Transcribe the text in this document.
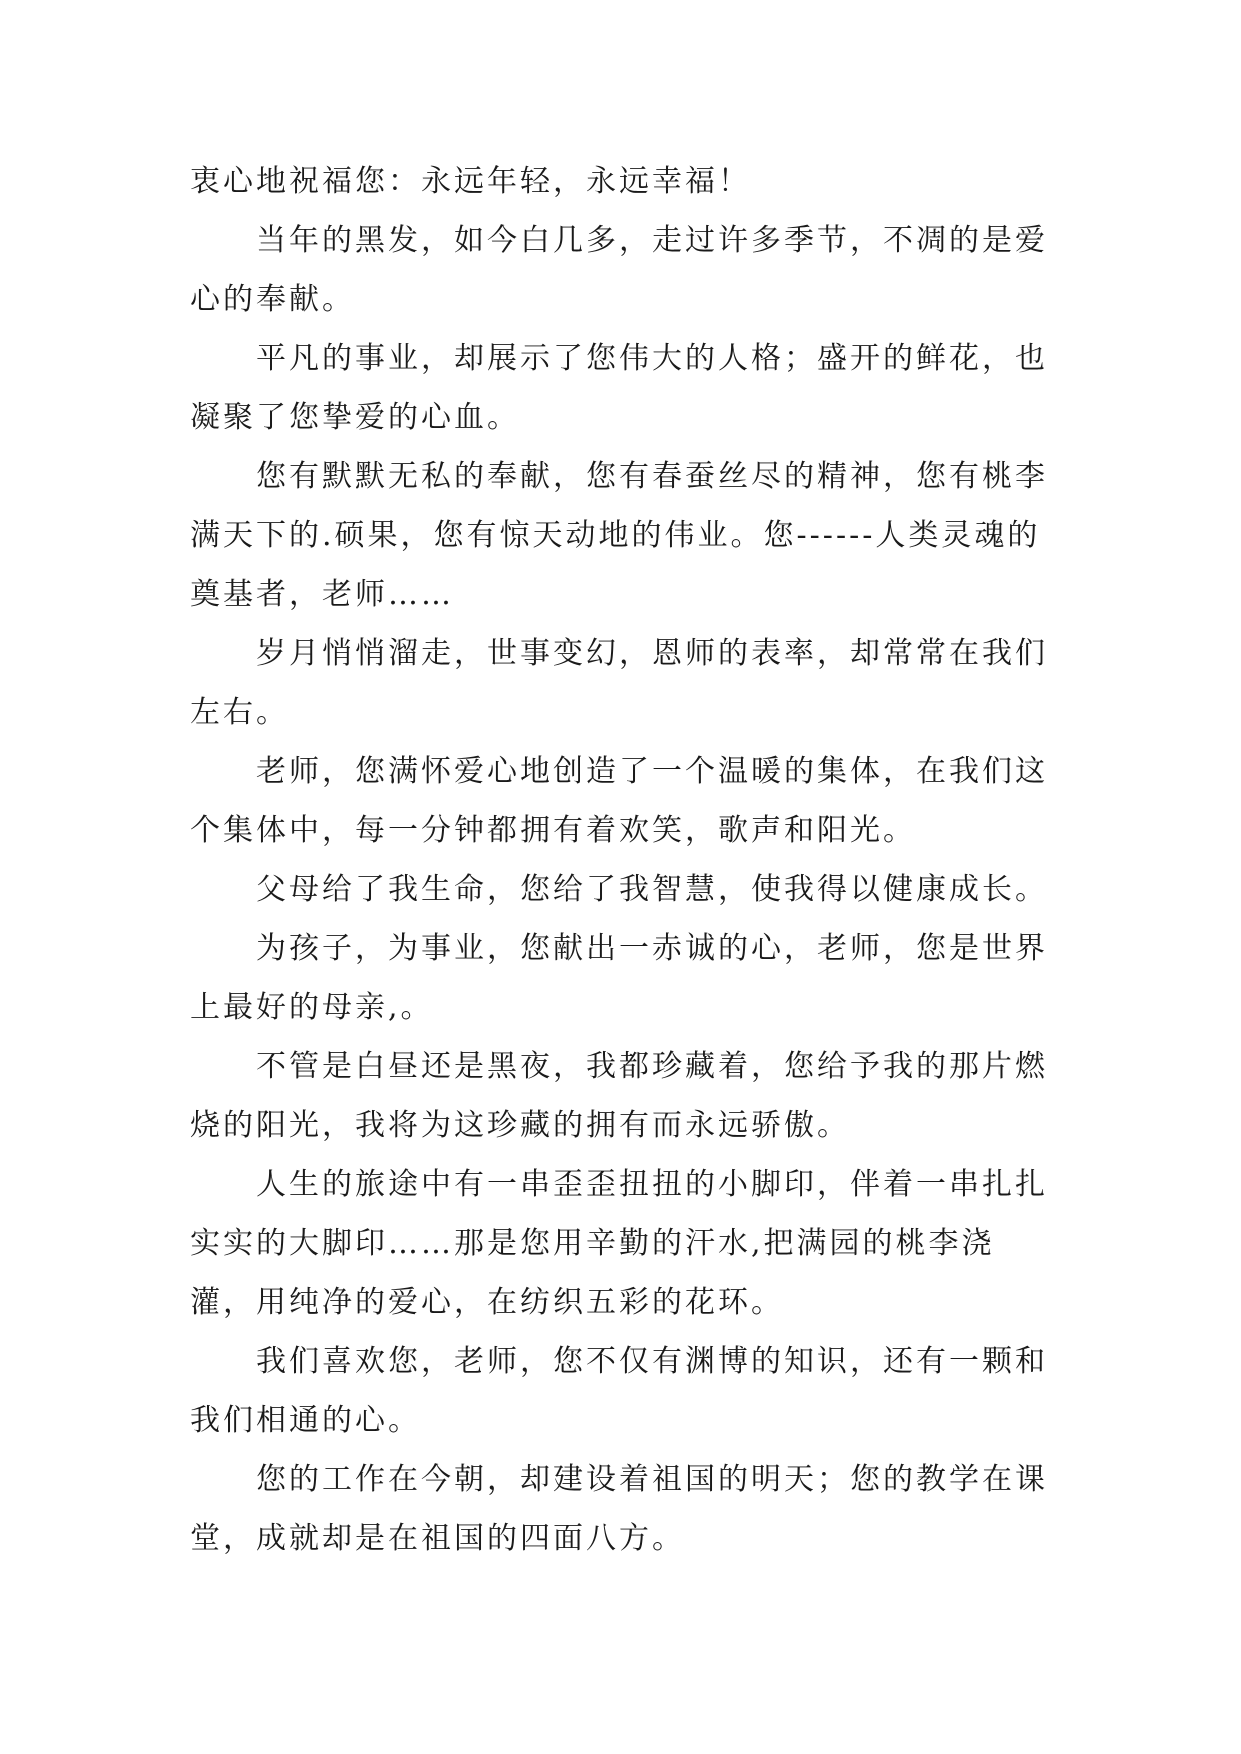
衷心地祝福您：永远年轻，永远幸福！

当年的黑发，如今白几多，走过许多季节，不凋的是爱心的奉献。

平凡的事业，却展示了您伟大的人格；盛开的鲜花，也凝聚了您挚爱的心血。

您有默默无私的奉献，您有春蚕丝尽的精神，您有桃李满天下的.硕果，您有惊天动地的伟业。您------人类灵魂的奠基者，老师……

岁月悄悄溜走，世事变幻，恩师的表率，却常常在我们左右。

老师，您满怀爱心地创造了一个温暖的集体，在我们这个集体中，每一分钟都拥有着欢笑，歌声和阳光。

父母给了我生命，您给了我智慧，使我得以健康成长。

为孩子，为事业，您献出一赤诚的心，老师，您是世界上最好的母亲,。

不管是白昼还是黑夜，我都珍藏着，您给予我的那片燃烧的阳光，我将为这珍藏的拥有而永远骄傲。

人生的旅途中有一串歪歪扭扭的小脚印，伴着一串扎扎实实的大脚印……那是您用辛勤的汗水,把满园的桃李浇灌，用纯净的爱心，在纺织五彩的花环。

我们喜欢您，老师，您不仅有渊博的知识，还有一颗和我们相通的心。

您的工作在今朝，却建设着祖国的明天；您的教学在课堂，成就却是在祖国的四面八方。
